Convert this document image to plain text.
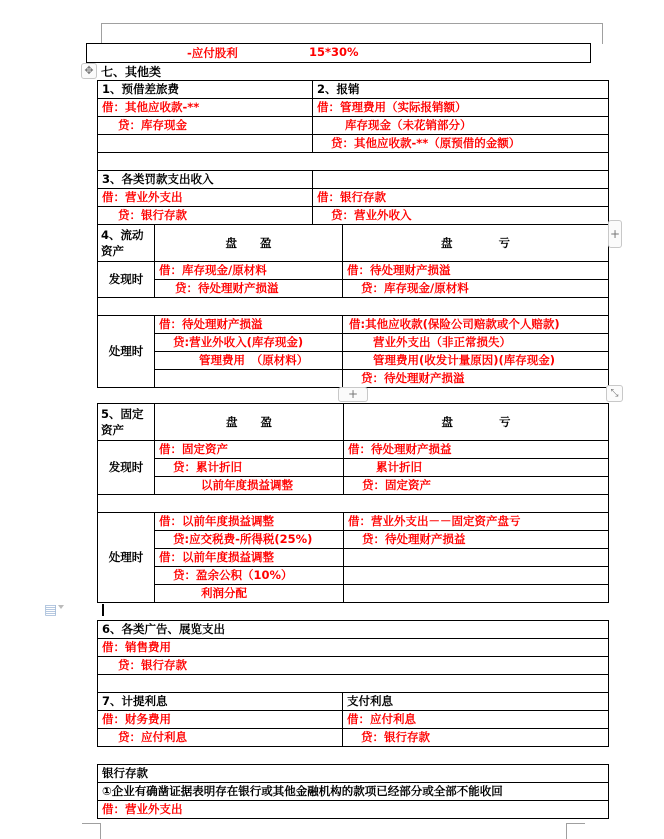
-应付股利	15*30%
✥ 七、其他类
1、预借差旅费	2、报销
借：其他应收款-**	借：管理费用（实际报销额）
贷：库存现金	库存现金（未花销部分）
	贷：其他应收款-**（原预借的金额）

3、各类罚款支出收入	
借：营业外支出	借：银行存款
贷：银行存款	贷：营业外收入
4、流动资产	盘　　盈	盘　　　　亏
发现时	借：库存现金/原材料	借：待处理财产损溢
	贷：待处理财产损溢	贷：库存现金/原材料

处理时	借：待处理财产损溢	借:其他应收款(保险公司赔款或个人赔款)
	贷:营业外收入(库存现金)	营业外支出（非正常损失）
	管理费用　（原材料）	管理费用(收发计量原因)(库存现金)
		贷：待处理财产损溢
+
+	⤡
5、固定资产	盘　　盈	盘　　　　亏
发现时	借：固定资产	借：待处理财产损益
	贷：累计折旧	累计折旧
	以前年度损益调整	贷：固定资产

处理时	借：以前年度损益调整	借：营业外支出－－固定资产盘亏
	贷:应交税费-所得税(25%)	贷：待处理财产损益
	借：以前年度损益调整	
	贷：盈余公积（10%）	
	利润分配	
▤
6、各类广告、展览支出
借：销售费用
贷：银行存款

7、计提利息	支付利息
借：财务费用	借：应付利息
贷：应付利息	贷：银行存款
银行存款
①企业有确凿证据表明存在银行或其他金融机构的款项已经部分或全部不能收回
借：营业外支出
